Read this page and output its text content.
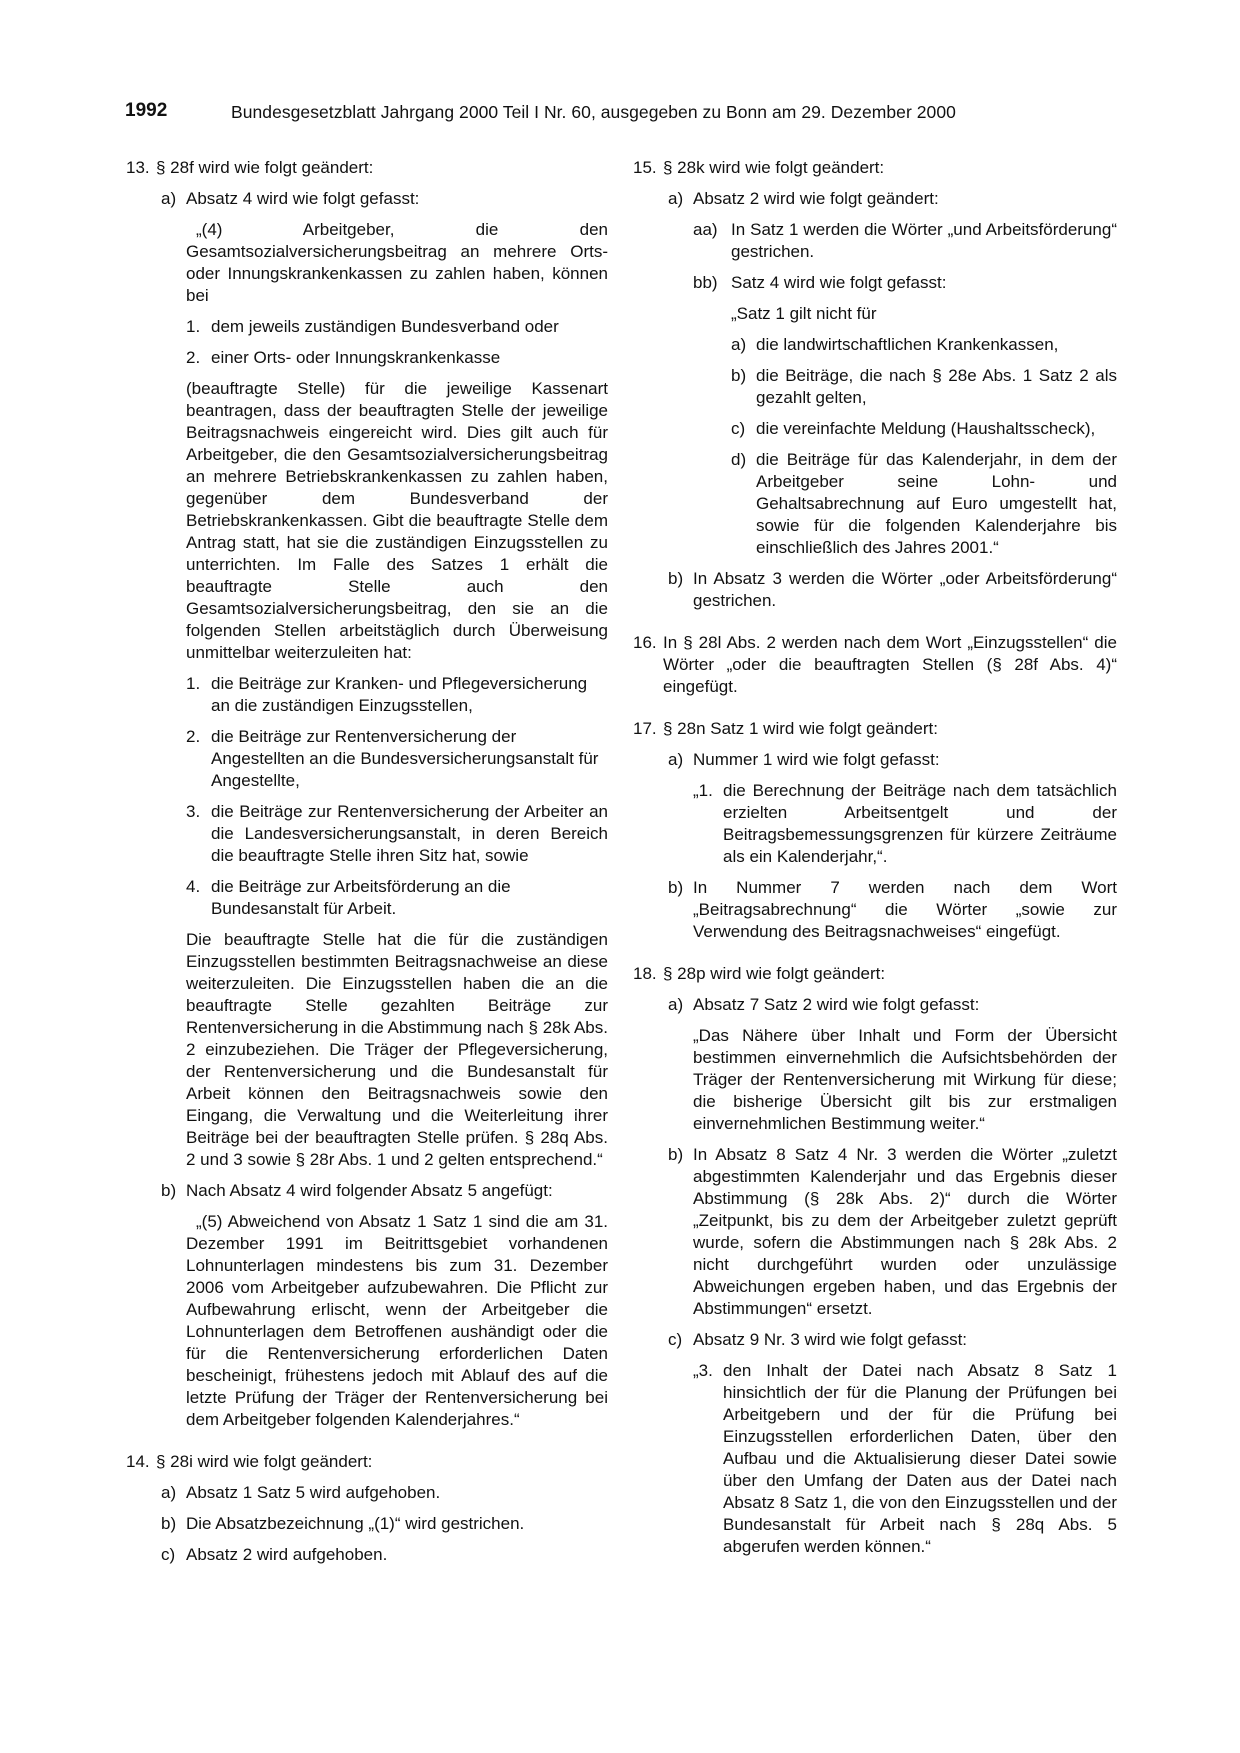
1992	Bundesgesetzblatt Jahrgang 2000 Teil I Nr. 60, ausgegeben zu Bonn am 29. Dezember 2000
13. § 28f wird wie folgt geändert:
a) Absatz 4 wird wie folgt gefasst:

„(4) Arbeitgeber, die den Gesamtsozialversicherungsbeitrag an mehrere Orts- oder Innungskrankenkassen zu zahlen haben, können bei

1. dem jeweils zuständigen Bundesverband oder
2. einer Orts- oder Innungskrankenkasse

(beauftragte Stelle) für die jeweilige Kassenart beantragen, dass der beauftragten Stelle der jeweilige Beitragsnachweis eingereicht wird. Dies gilt auch für Arbeitgeber, die den Gesamtsozialversicherungsbeitrag an mehrere Betriebskrankenkassen zu zahlen haben, gegenüber dem Bundesverband der Betriebskrankenkassen. Gibt die beauftragte Stelle dem Antrag statt, hat sie die zuständigen Einzugsstellen zu unterrichten. Im Falle des Satzes 1 erhält die beauftragte Stelle auch den Gesamtsozialversicherungsbeitrag, den sie an die folgenden Stellen arbeitstäglich durch Überweisung unmittelbar weiterzuleiten hat:

1. die Beiträge zur Kranken- und Pflegeversicherung an die zuständigen Einzugsstellen,
2. die Beiträge zur Rentenversicherung der Angestellten an die Bundesversicherungsanstalt für Angestellte,
3. die Beiträge zur Rentenversicherung der Arbeiter an die Landesversicherungsanstalt, in deren Bereich die beauftragte Stelle ihren Sitz hat, sowie
4. die Beiträge zur Arbeitsförderung an die Bundesanstalt für Arbeit.

Die beauftragte Stelle hat die für die zuständigen Einzugsstellen bestimmten Beitragsnachweise an diese weiterzuleiten. Die Einzugsstellen haben die an die beauftragte Stelle gezahlten Beiträge zur Rentenversicherung in die Abstimmung nach § 28k Abs. 2 einzubeziehen. Die Träger der Pflegeversicherung, der Rentenversicherung und die Bundesanstalt für Arbeit können den Beitragsnachweis sowie den Eingang, die Verwaltung und die Weiterleitung ihrer Beiträge bei der beauftragten Stelle prüfen. § 28q Abs. 2 und 3 sowie § 28r Abs. 1 und 2 gelten entsprechend.“

b) Nach Absatz 4 wird folgender Absatz 5 angefügt:

„(5) Abweichend von Absatz 1 Satz 1 sind die am 31. Dezember 1991 im Beitrittsgebiet vorhandenen Lohnunterlagen mindestens bis zum 31. Dezember 2006 vom Arbeitgeber aufzubewahren. Die Pflicht zur Aufbewahrung erlischt, wenn der Arbeitgeber die Lohnunterlagen dem Betroffenen aushändigt oder die für die Rentenversicherung erforderlichen Daten bescheinigt, frühestens jedoch mit Ablauf des auf die letzte Prüfung der Träger der Rentenversicherung bei dem Arbeitgeber folgenden Kalenderjahres.“

14. § 28i wird wie folgt geändert:
a) Absatz 1 Satz 5 wird aufgehoben.
b) Die Absatzbezeichnung „(1)“ wird gestrichen.
c) Absatz 2 wird aufgehoben.
15. § 28k wird wie folgt geändert:
a) Absatz 2 wird wie folgt geändert:
aa) In Satz 1 werden die Wörter „und Arbeitsförderung“ gestrichen.
bb) Satz 4 wird wie folgt gefasst:

„Satz 1 gilt nicht für

a) die landwirtschaftlichen Krankenkassen,
b) die Beiträge, die nach § 28e Abs. 1 Satz 2 als gezahlt gelten,
c) die vereinfachte Meldung (Haushaltsscheck),
d) die Beiträge für das Kalenderjahr, in dem der Arbeitgeber seine Lohn- und Gehaltsabrechnung auf Euro umgestellt hat, sowie für die folgenden Kalenderjahre bis einschließlich des Jahres 2001.“
b) In Absatz 3 werden die Wörter „oder Arbeitsförderung“ gestrichen.
16. In § 28l Abs. 2 werden nach dem Wort „Einzugsstellen“ die Wörter „oder die beauftragten Stellen (§ 28f Abs. 4)“ eingefügt.
17. § 28n Satz 1 wird wie folgt geändert:
a) Nummer 1 wird wie folgt gefasst:
„1. die Berechnung der Beiträge nach dem tatsächlich erzielten Arbeitsentgelt und der Beitragsbemessungsgrenzen für kürzere Zeiträume als ein Kalenderjahr,“.
b) In Nummer 7 werden nach dem Wort „Beitragsabrechnung“ die Wörter „sowie zur Verwendung des Beitragsnachweises“ eingefügt.
18. § 28p wird wie folgt geändert:
a) Absatz 7 Satz 2 wird wie folgt gefasst:

„Das Nähere über Inhalt und Form der Übersicht bestimmen einvernehmlich die Aufsichtsbehörden der Träger der Rentenversicherung mit Wirkung für diese; die bisherige Übersicht gilt bis zur erstmaligen einvernehmlichen Bestimmung weiter.“

b) In Absatz 8 Satz 4 Nr. 3 werden die Wörter „zuletzt abgestimmten Kalenderjahr und das Ergebnis dieser Abstimmung (§ 28k Abs. 2)“ durch die Wörter „Zeitpunkt, bis zu dem der Arbeitgeber zuletzt geprüft wurde, sofern die Abstimmungen nach § 28k Abs. 2 nicht durchgeführt wurden oder unzulässige Abweichungen ergeben haben, und das Ergebnis der Abstimmungen“ ersetzt.
c) Absatz 9 Nr. 3 wird wie folgt gefasst:
„3. den Inhalt der Datei nach Absatz 8 Satz 1 hinsichtlich der für die Planung der Prüfungen bei Arbeitgebern und der für die Prüfung bei Einzugsstellen erforderlichen Daten, über den Aufbau und die Aktualisierung dieser Datei sowie über den Umfang der Daten aus der Datei nach Absatz 8 Satz 1, die von den Einzugsstellen und der Bundesanstalt für Arbeit nach § 28q Abs. 5 abgerufen werden können.“
